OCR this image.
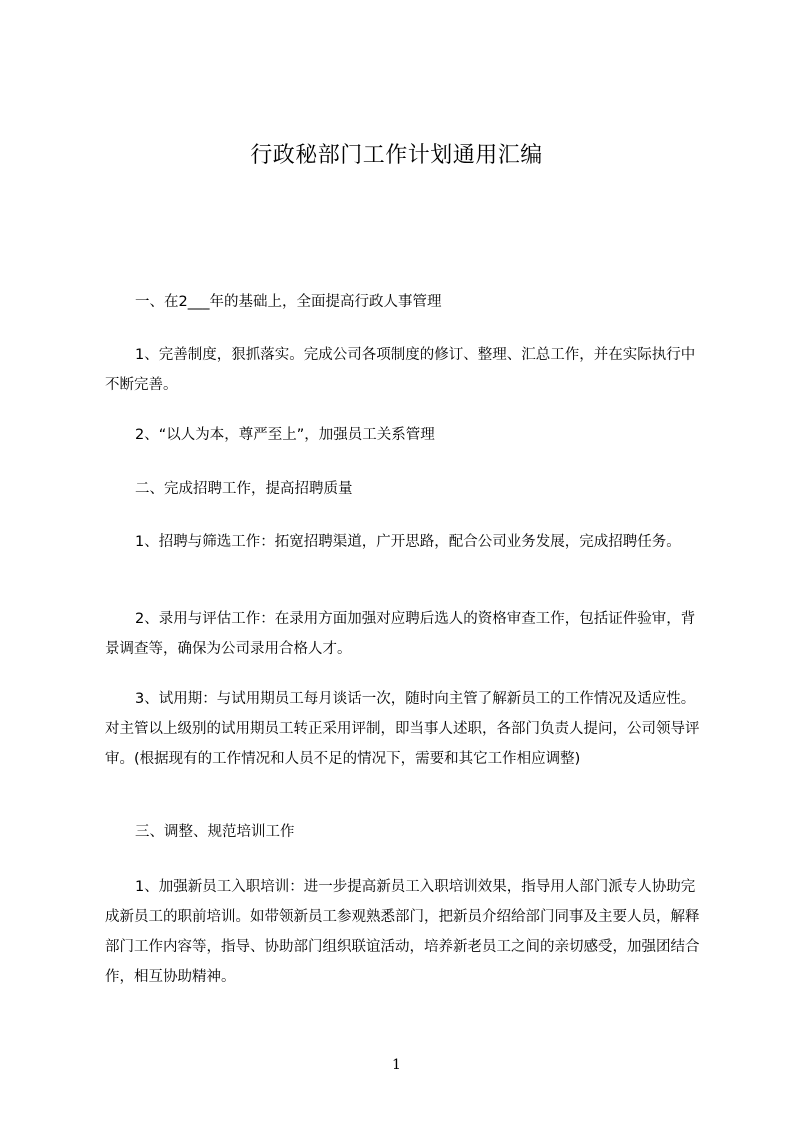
行政秘部门工作计划通用汇编

一、在2___年的基础上，全面提高行政人事管理

1、完善制度，狠抓落实。完成公司各项制度的修订、整理、汇总工作，并在实际执行中不断完善。

2、“以人为本，尊严至上”，加强员工关系管理

二、完成招聘工作，提高招聘质量

1、招聘与筛选工作：拓宽招聘渠道，广开思路，配合公司业务发展，完成招聘任务。

2、录用与评估工作：在录用方面加强对应聘后选人的资格审查工作，包括证件验审，背景调查等，确保为公司录用合格人才。

3、试用期：与试用期员工每月谈话一次，随时向主管了解新员工的工作情况及适应性。对主管以上级别的试用期员工转正采用评制，即当事人述职，各部门负责人提问，公司领导评审。(根据现有的工作情况和人员不足的情况下，需要和其它工作相应调整)

三、调整、规范培训工作

1、加强新员工入职培训：进一步提高新员工入职培训效果，指导用人部门派专人协助完成新员工的职前培训。如带领新员工参观熟悉部门，把新员介绍给部门同事及主要人员，解释部门工作内容等，指导、协助部门组织联谊活动，培养新老员工之间的亲切感受，加强团结合作，相互协助精神。

1
